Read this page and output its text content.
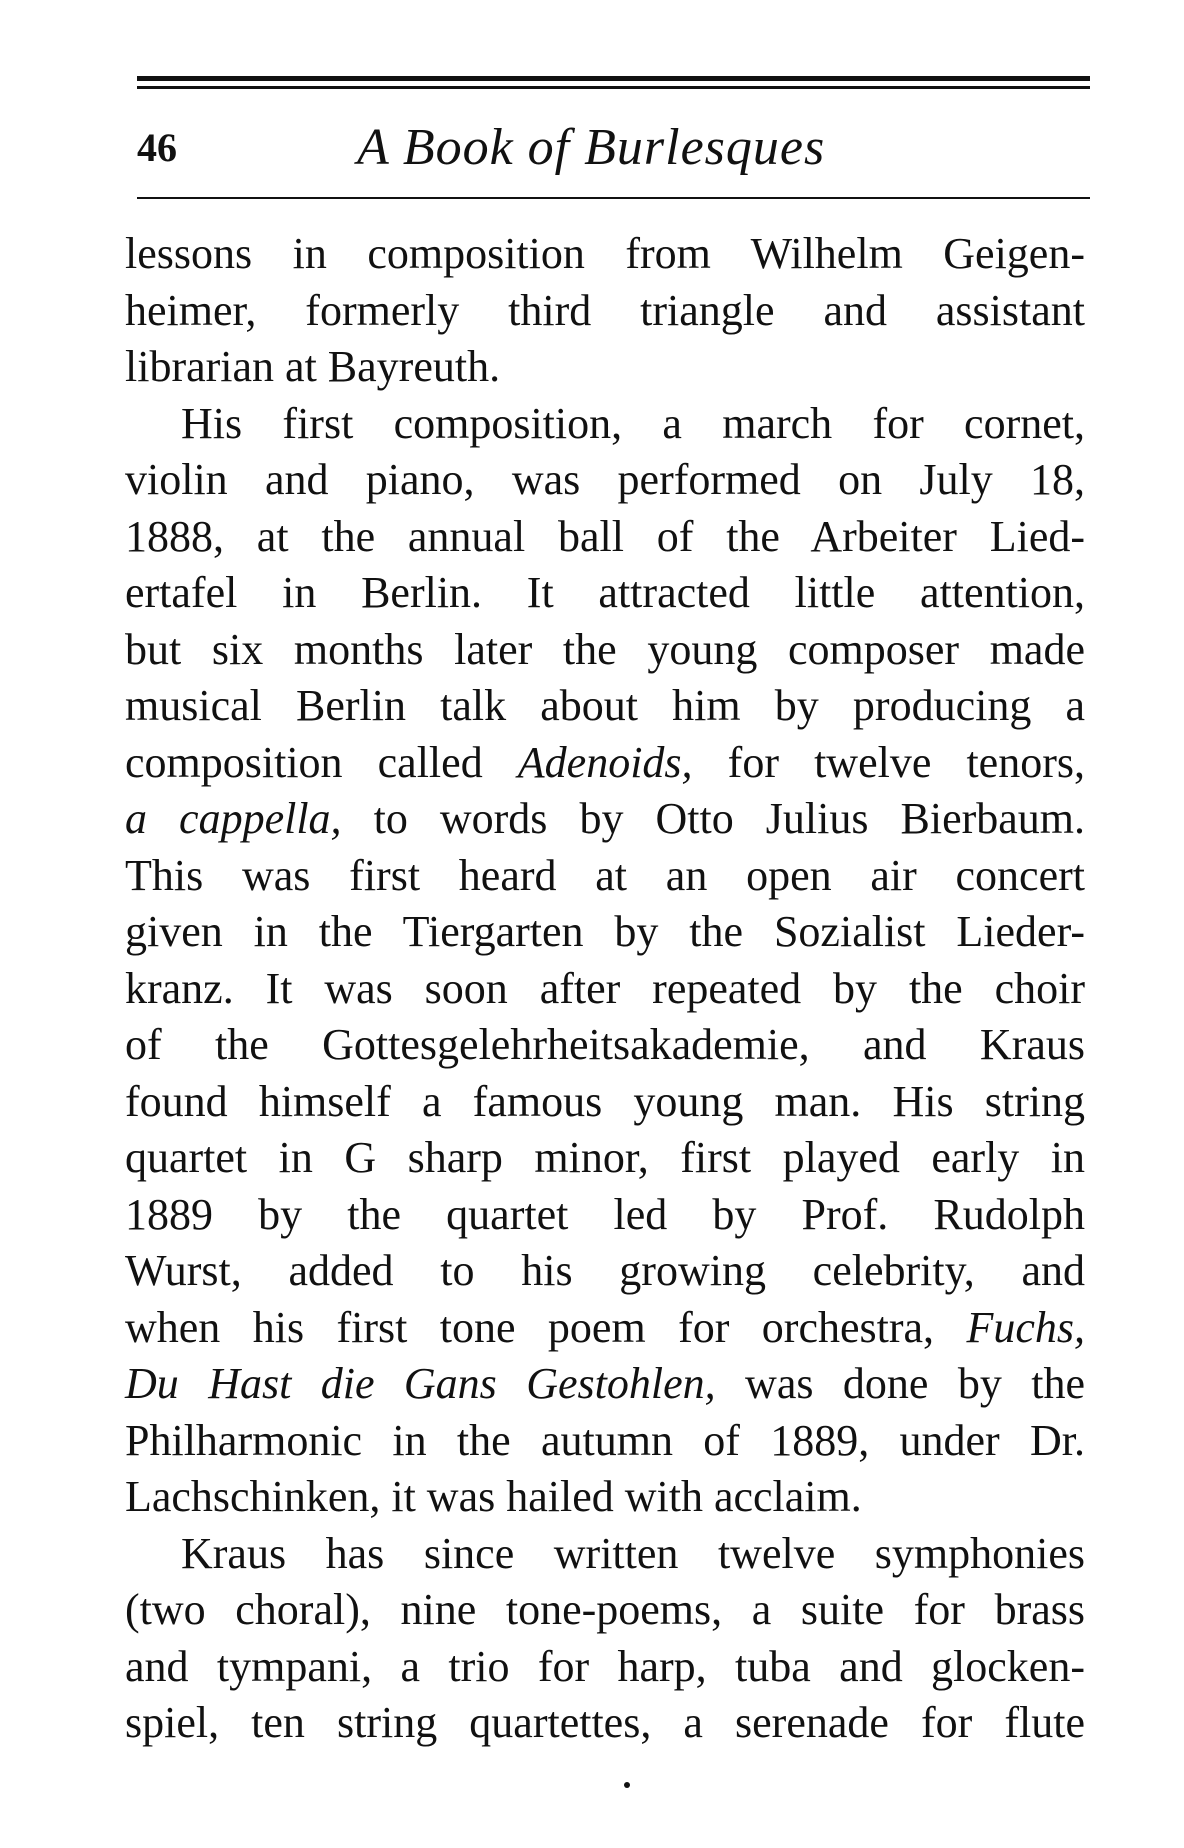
46	A Book of Burlesques
lessons in composition from Wilhelm Geigen-
heimer, formerly third triangle and assistant
librarian at Bayreuth.
His first composition, a march for cornet,
violin and piano, was performed on July 18,
1888, at the annual ball of the Arbeiter Lied-
ertafel in Berlin. It attracted little attention,
but six months later the young composer made
musical Berlin talk about him by producing a
composition called Adenoids, for twelve tenors,
a cappella, to words by Otto Julius Bierbaum.
This was first heard at an open air concert
given in the Tiergarten by the Sozialist Lieder-
kranz. It was soon after repeated by the choir
of the Gottesgelehrheitsakademie, and Kraus
found himself a famous young man. His string
quartet in G sharp minor, first played early in
1889 by the quartet led by Prof. Rudolph
Wurst, added to his growing celebrity, and
when his first tone poem for orchestra, Fuchs,
Du Hast die Gans Gestohlen, was done by the
Philharmonic in the autumn of 1889, under Dr.
Lachschinken, it was hailed with acclaim.
Kraus has since written twelve symphonies
(two choral), nine tone-poems, a suite for brass
and tympani, a trio for harp, tuba and glocken-
spiel, ten string quartettes, a serenade for flute
